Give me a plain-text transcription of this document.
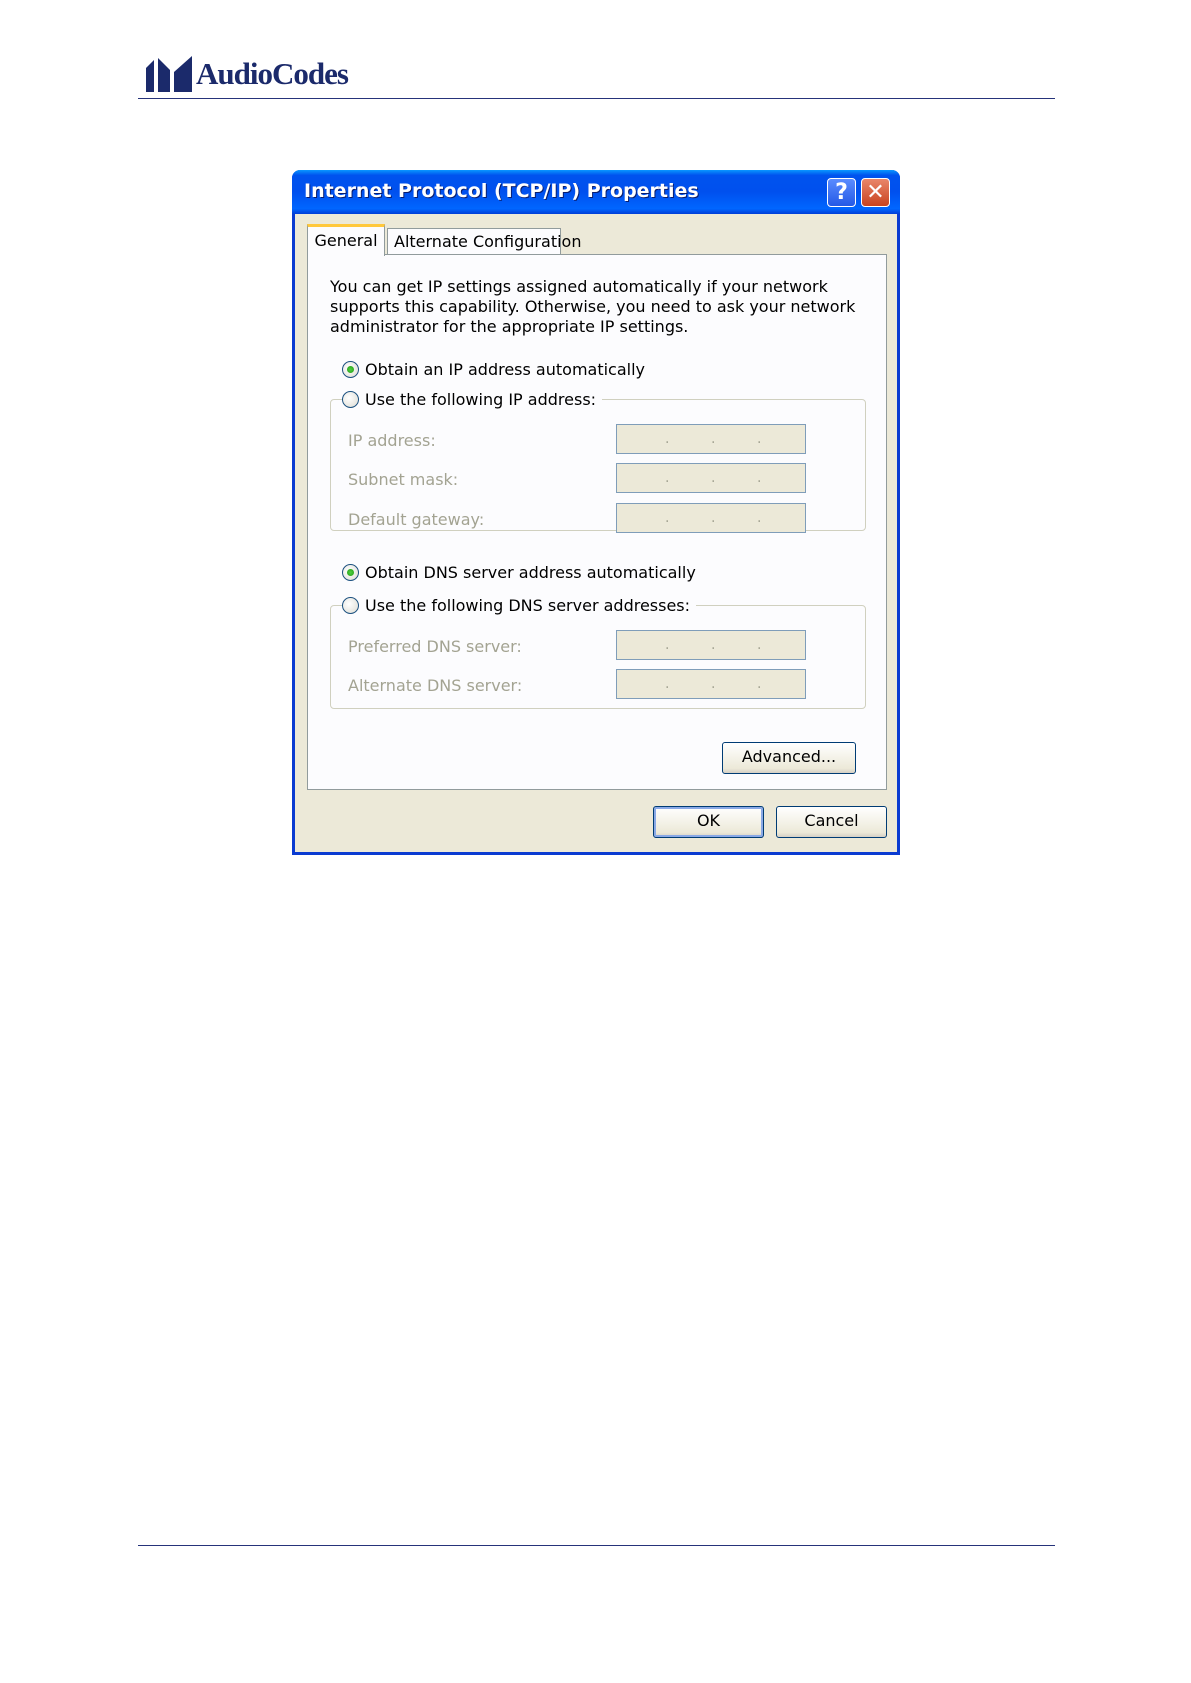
AudioCodes
Internet Protocol (TCP/IP) Properties	? ✕
General	Alternate Configuration
You can get IP settings assigned automatically if your network supports this capability. Otherwise, you need to ask your network administrator for the appropriate IP settings.
Obtain an IP address automatically
Use the following IP address:
IP address:	.	.	.
Subnet mask:	.	.	.
Default gateway:	.	.	.
Obtain DNS server address automatically
Use the following DNS server addresses:
Preferred DNS server:	.	.	.
Alternate DNS server:	.	.	.
Advanced...
OK	Cancel
